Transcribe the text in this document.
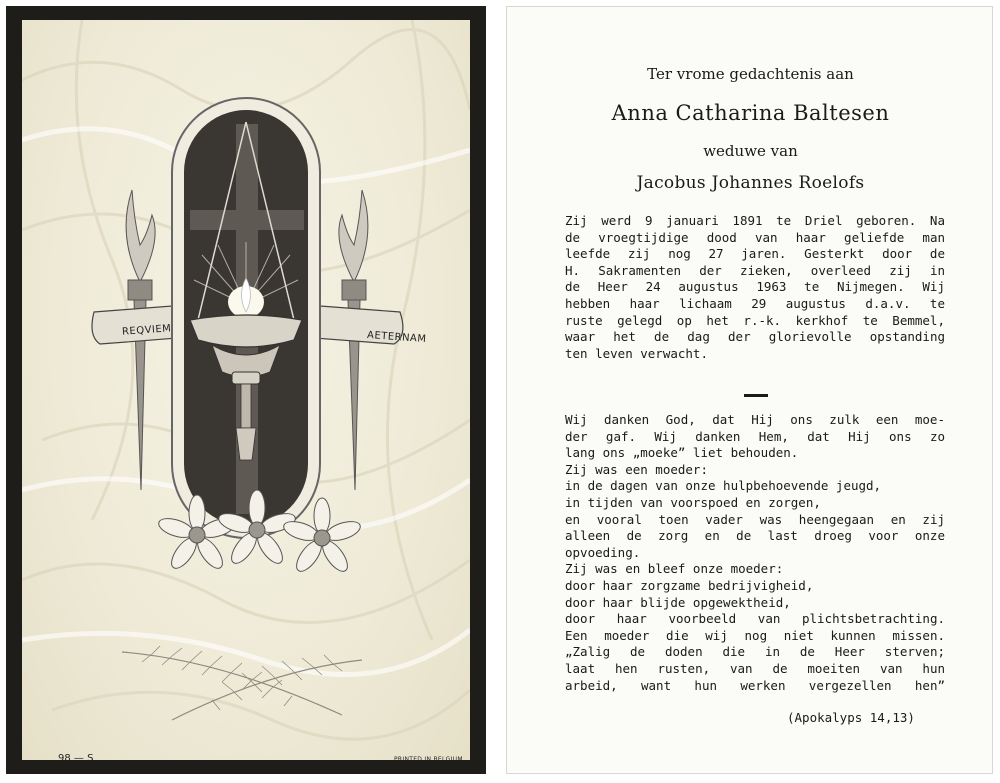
REQVIEM	AETERNAM
98 — S	PRINTED IN BELGIUM
Ter vrome gedachtenis aan
Anna Catharina Baltesen
weduwe van
Jacobus Johannes Roelofs
Zij werd 9 januari 1891 te Driel geboren. Na
de vroegtijdige dood van haar geliefde man
leefde zij nog 27 jaren. Gesterkt door de
H. Sakramenten der zieken, overleed zij in
de Heer 24 augustus 1963 te Nijmegen. Wij
hebben haar lichaam 29 augustus d.a.v. te
ruste gelegd op het r.-k. kerkhof te Bemmel,
waar het de dag der glorievolle opstanding
ten leven verwacht.
Wij danken God, dat Hij ons zulk een moe-
der gaf. Wij danken Hem, dat Hij ons zo
lang ons „moeke” liet behouden.
Zij was een moeder:
in de dagen van onze hulpbehoevende jeugd,
in tijden van voorspoed en zorgen,
en vooral toen vader was heengegaan en zij
alleen de zorg en de last droeg voor onze
opvoeding.
Zij was en bleef onze moeder:
door haar zorgzame bedrijvigheid,
door haar blijde opgewektheid,
door haar voorbeeld van plichtsbetrachting.
Een moeder die wij nog niet kunnen missen.
„Zalig de doden die in de Heer sterven;
laat hen rusten, van de moeiten van hun
arbeid, want hun werken vergezellen hen”
(Apokalyps 14,13)
